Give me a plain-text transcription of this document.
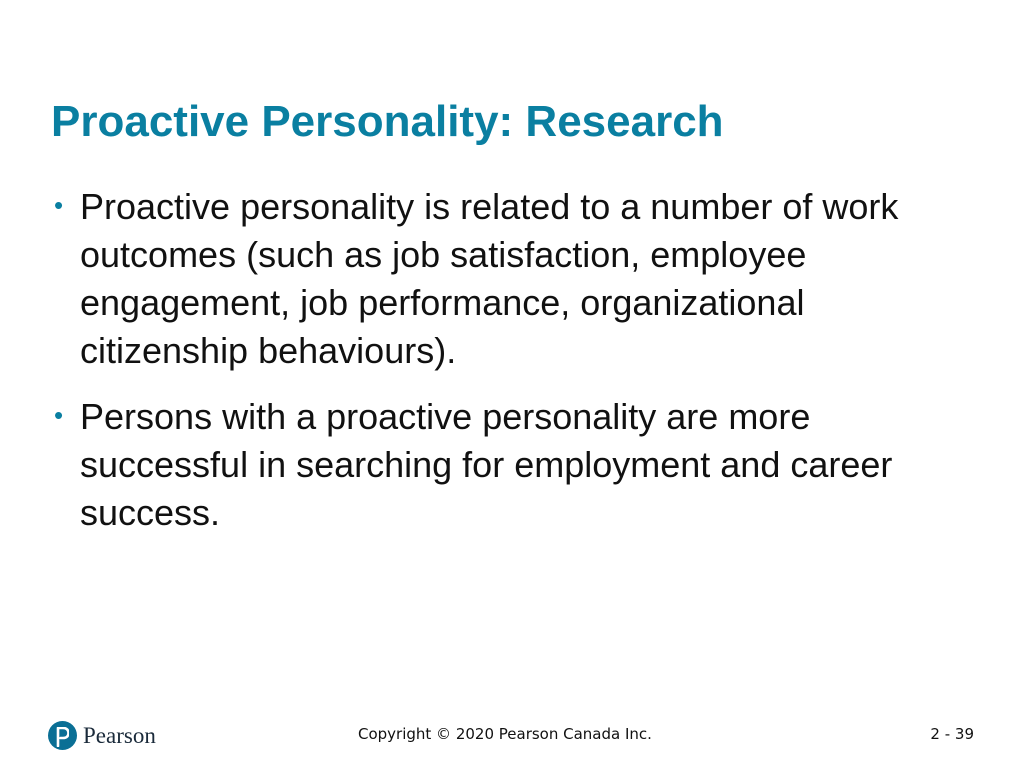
Proactive Personality: Research
• Proactive personality is related to a number of work outcomes (such as job satisfaction, employee engagement, job performance, organizational citizenship behaviours).
• Persons with a proactive personality are more successful in searching for employment and career success.
Pearson	Copyright © 2020 Pearson Canada Inc.	2 - 39
